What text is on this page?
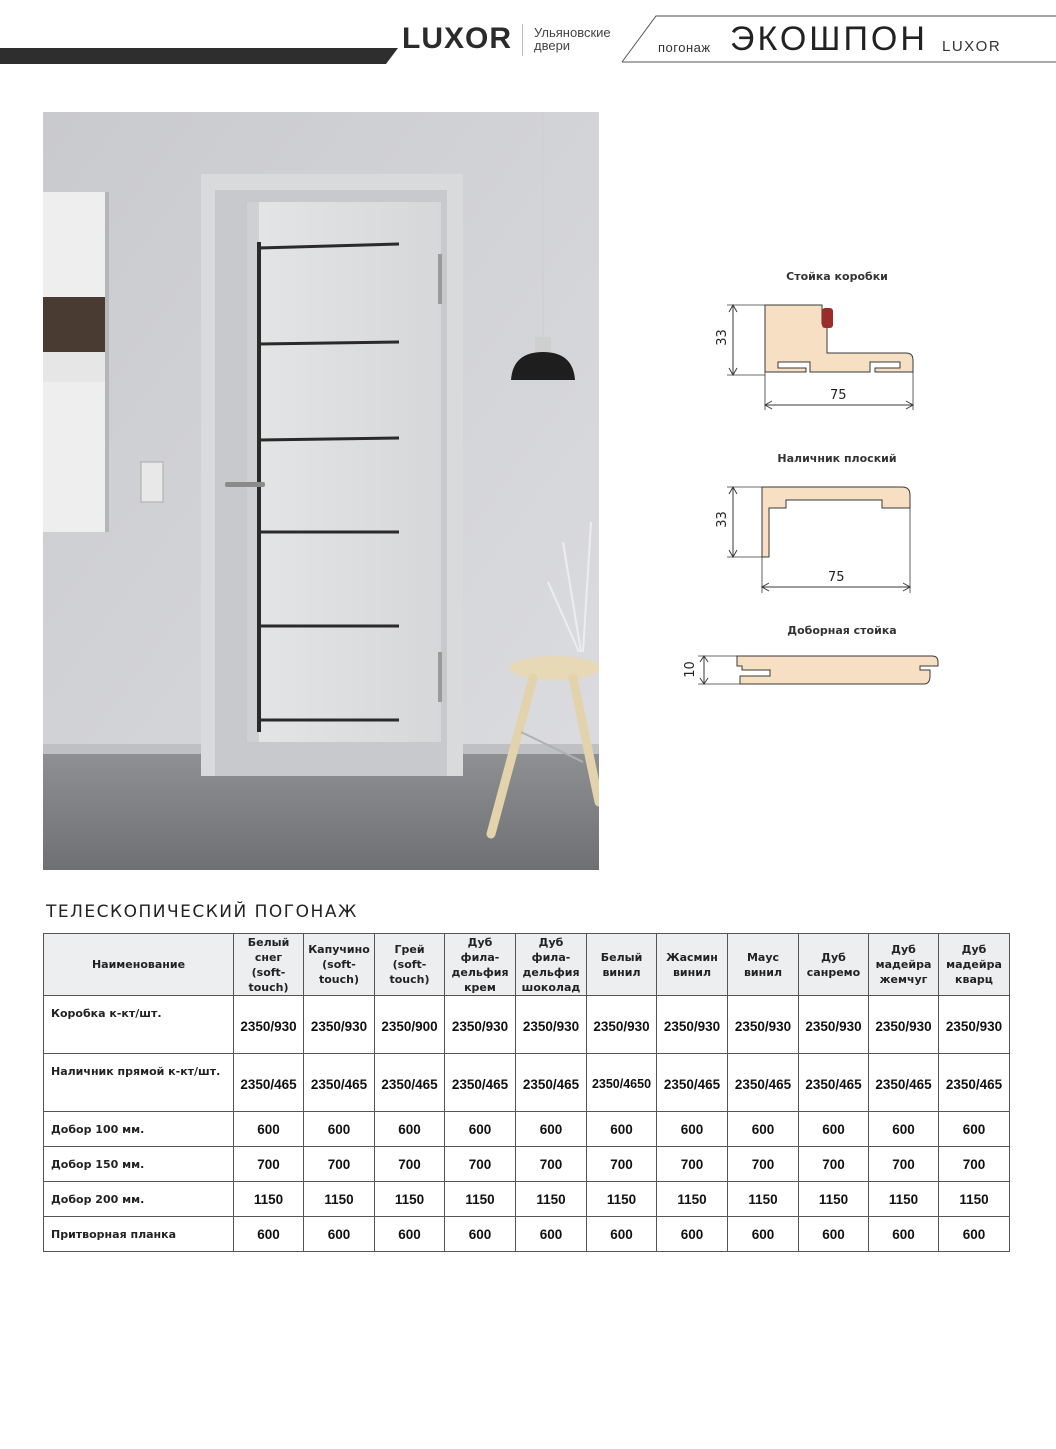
LUXOR Ульяновские
двери	погонаж ЭКОШПОН LUXOR
Стойка коробки
33
75
Наличник плоский
33
75
Доборная стойка
10
ТЕЛЕСКОПИЧЕСКИЙ ПОГОНАЖ
Наименование	Белый
снег
(soft-touch)	Капучино
(soft-touch)	Грей
(soft-touch)	Дуб
фила-
дельфия
крем	Дуб
фила-
дельфия
шоколад	Белый
винил	Жасмин
винил	Маус
винил	Дуб
санремо	Дуб
мадейра
жемчуг	Дуб
мадейра
кварц

Коробка к-кт/шт.	2350/930	2350/930	2350/900	2350/930	2350/930	2350/930	2350/930	2350/930	2350/930	2350/930	2350/930
Наличник прямой к-кт/шт.	2350/465	2350/465	2350/465	2350/465	2350/465	2350/4650	2350/465	2350/465	2350/465	2350/465	2350/465
Добор 100 мм.	600	600	600	600	600	600	600	600	600	600	600
Добор 150 мм.	700	700	700	700	700	700	700	700	700	700	700
Добор 200 мм.	1150	1150	1150	1150	1150	1150	1150	1150	1150	1150	1150
Притворная планка	600	600	600	600	600	600	600	600	600	600	600
